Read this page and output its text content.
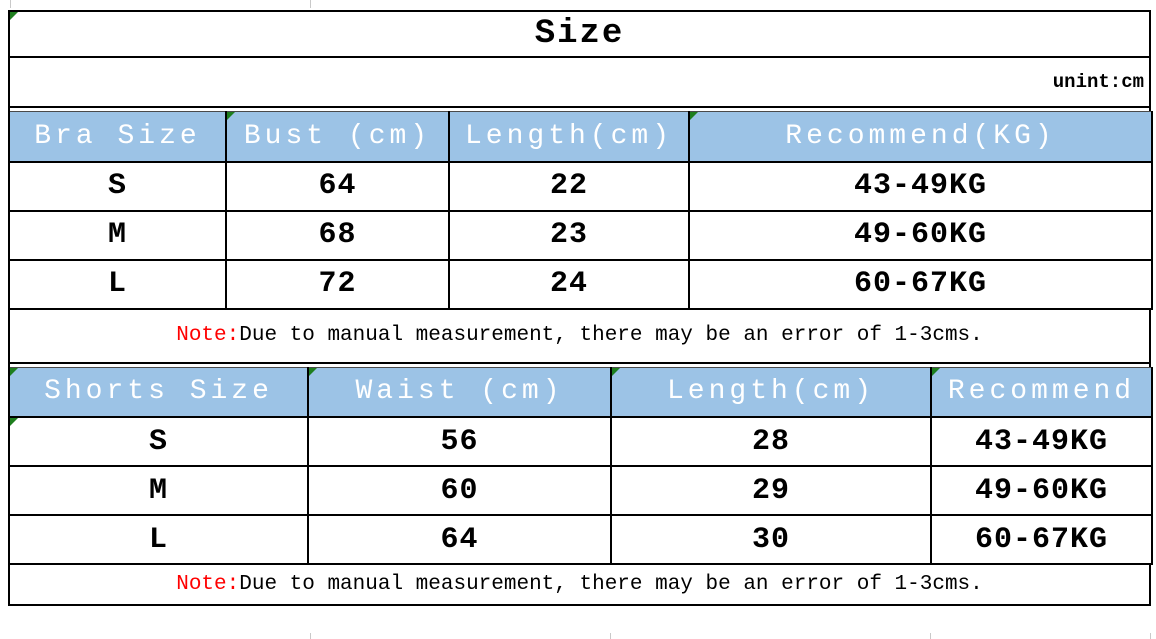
Size
unint:cm
Bra Size	Bust (cm)	Length(cm)	Recommend(KG)
S	64	22	43-49KG
M	68	23	49-60KG
L	72	24	60-67KG
Note: Due to manual measurement, there may be an error of 1-3cms.
Shorts Size	Waist (cm)	Length(cm)	Recommend

S	56	28	43-49KG
M	60	29	49-60KG
L	64	30	60-67KG
Note: Due to manual measurement, there may be an error of 1-3cms.
